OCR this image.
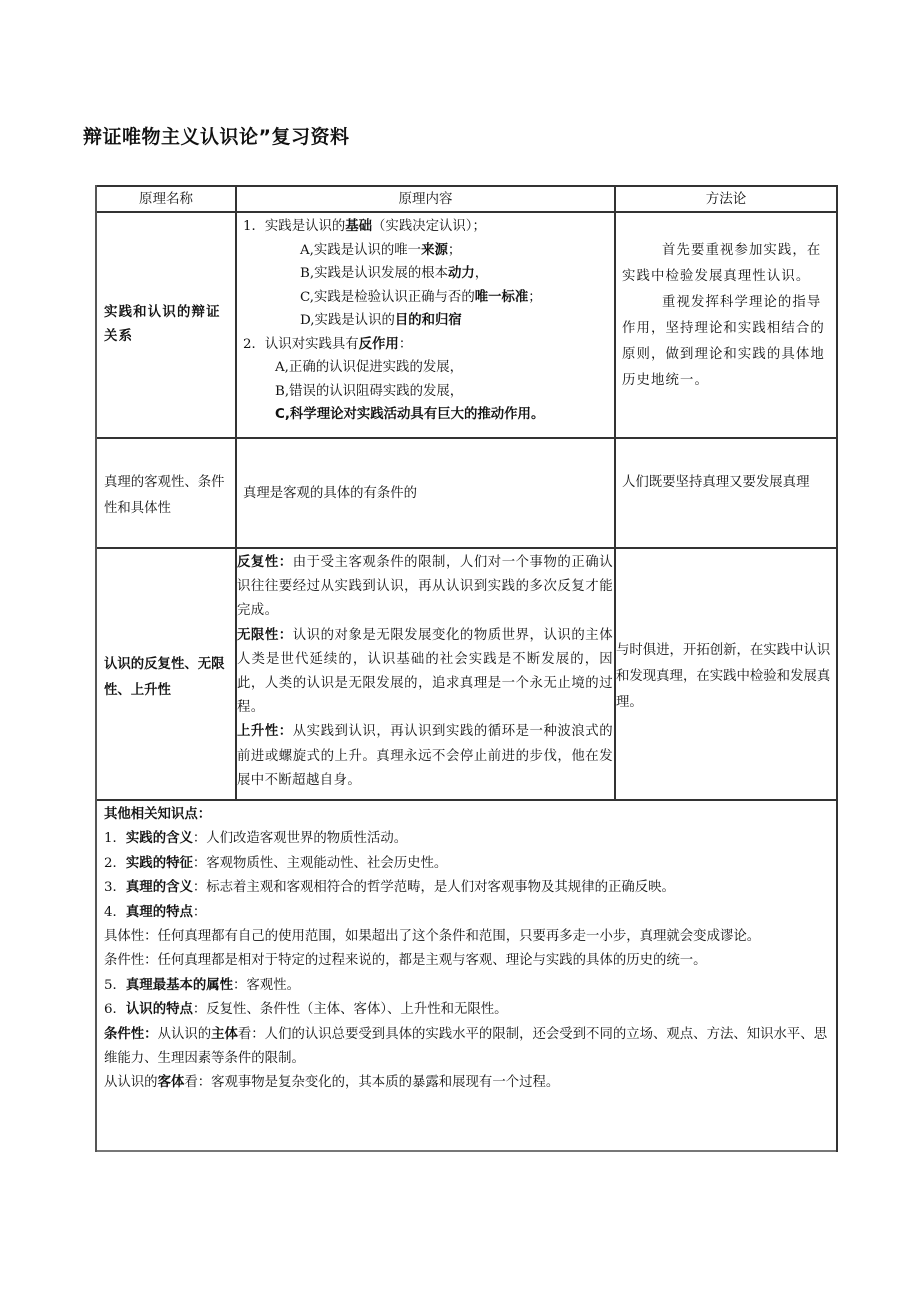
辩证唯物主义认识论”复习资料
原理名称	原理内容	方法论
实践和认识的辩证关系

1．实践是认识的基础（实践决定认识）；

A,实践是认识的唯一来源；

B,实践是认识发展的根本动力，

C,实践是检验认识正确与否的唯一标准；

D,实践是认识的目的和归宿

2．认识对实践具有反作用：

A,正确的认识促进实践的发展，

B,错误的认识阻碍实践的发展，

C,科学理论对实践活动具有巨大的推动作用。

首先要重视参加实践，在实践中检验发展真理性认识。

重视发挥科学理论的指导作用，坚持理论和实践相结合的原则，做到理论和实践的具体地历史地统一。

真理的客观性、条件性和具体性
真理是客观的具体的有条件的
人们既要坚持真理又要发展真理
认识的反复性、无限性、上升性

反复性：由于受主客观条件的限制，人们对一个事物的正确认识往往要经过从实践到认识，再从认识到实践的多次反复才能完成。

无限性：认识的对象是无限发展变化的物质世界，认识的主体人类是世代延续的，认识基础的社会实践是不断发展的，因此，人类的认识是无限发展的，追求真理是一个永无止境的过程。

上升性：从实践到认识，再认识到实践的循环是一种波浪式的前进或螺旋式的上升。真理永远不会停止前进的步伐，他在发展中不断超越自身。

与时俱进，开拓创新，在实践中认识和发现真理，在实践中检验和发展真理。

其他相关知识点：

1．实践的含义：人们改造客观世界的物质性活动。

2．实践的特征：客观物质性、主观能动性、社会历史性。

3．真理的含义：标志着主观和客观相符合的哲学范畴，是人们对客观事物及其规律的正确反映。

4．真理的特点：

具体性：任何真理都有自己的使用范围，如果超出了这个条件和范围，只要再多走一小步，真理就会变成谬论。

条件性：任何真理都是相对于特定的过程来说的，都是主观与客观、理论与实践的具体的历史的统一。

5．真理最基本的属性：客观性。

6．认识的特点：反复性、条件性（主体、客体）、上升性和无限性。

条件性：从认识的主体看：人们的认识总要受到具体的实践水平的限制，还会受到不同的立场、观点、方法、知识水平、思维能力、生理因素等条件的限制。

从认识的客体看：客观事物是复杂变化的，其本质的暴露和展现有一个过程。
